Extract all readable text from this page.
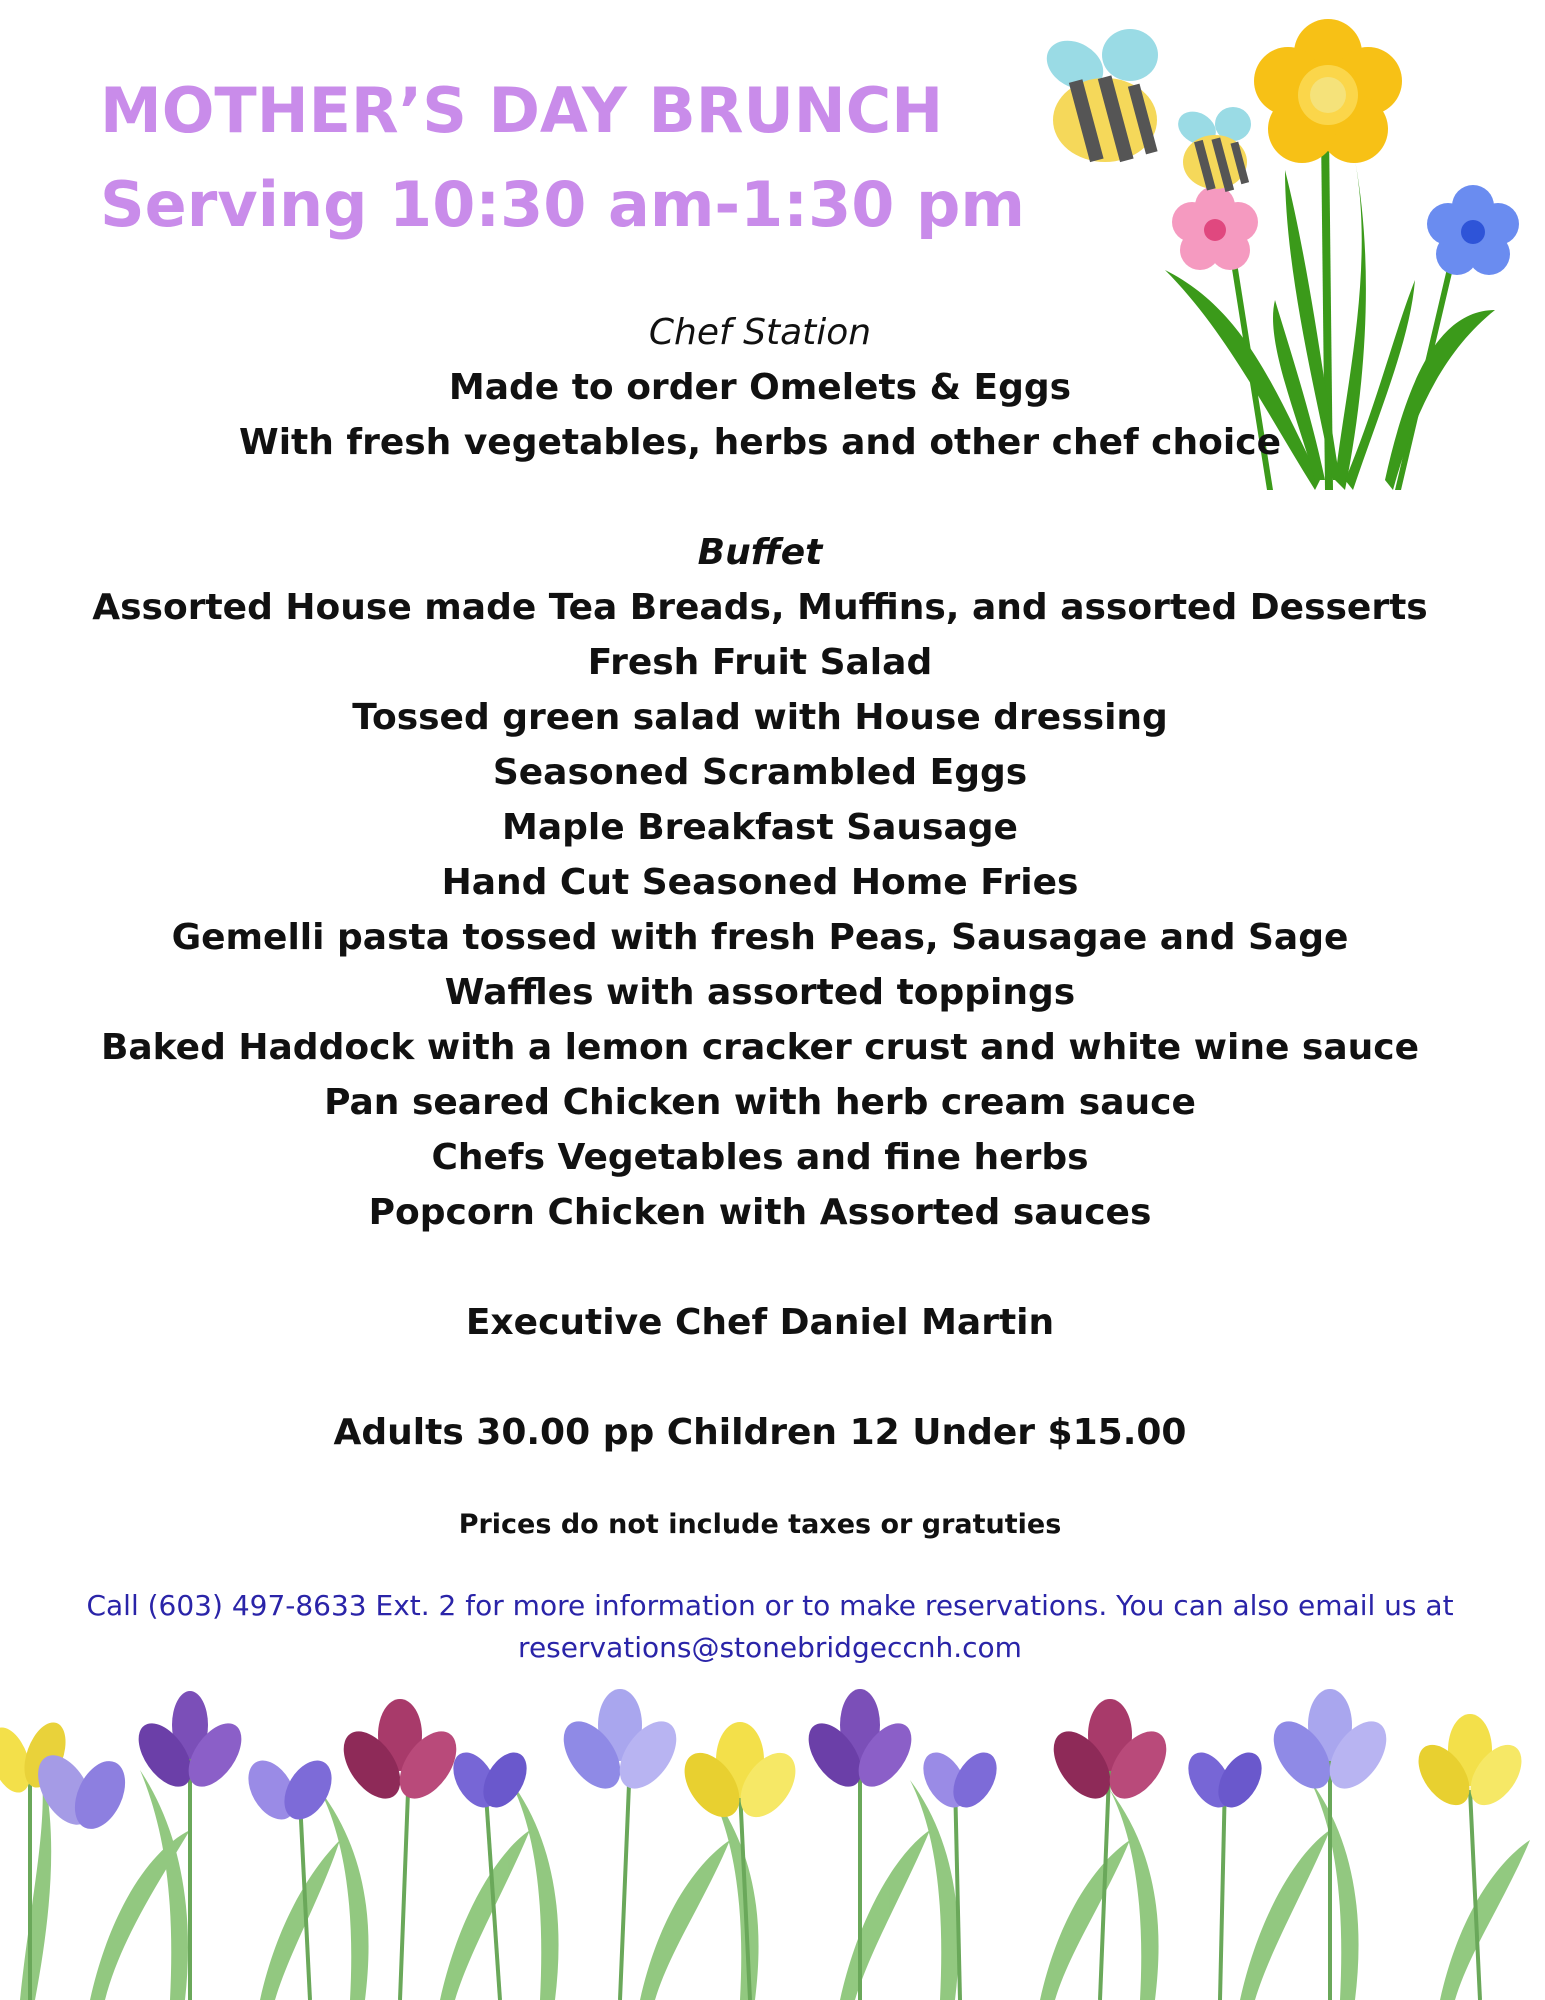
MOTHER’S DAY BRUNCH
Serving 10:30 am-1:30 pm
Chef Station
Made to order Omelets & Eggs
With fresh vegetables, herbs and other chef choice
Buffet
Assorted House made Tea Breads, Muffins, and assorted Desserts
Fresh Fruit Salad
Tossed green salad with House dressing
Seasoned Scrambled Eggs
Maple Breakfast Sausage
Hand Cut Seasoned Home Fries
Gemelli pasta tossed with fresh Peas, Sausagae and Sage
Waffles with assorted toppings
Baked Haddock with a lemon cracker crust and white wine sauce
Pan seared Chicken with herb cream sauce
Chefs Vegetables and fine herbs
Popcorn Chicken with Assorted sauces
Executive Chef Daniel Martin
Adults 30.00 pp Children 12 Under $15.00
Prices do not include taxes or gratuties
Call (603) 497-8633 Ext. 2 for more information or to make reservations. You can also email us at
reservations@stonebridgeccnh.com
